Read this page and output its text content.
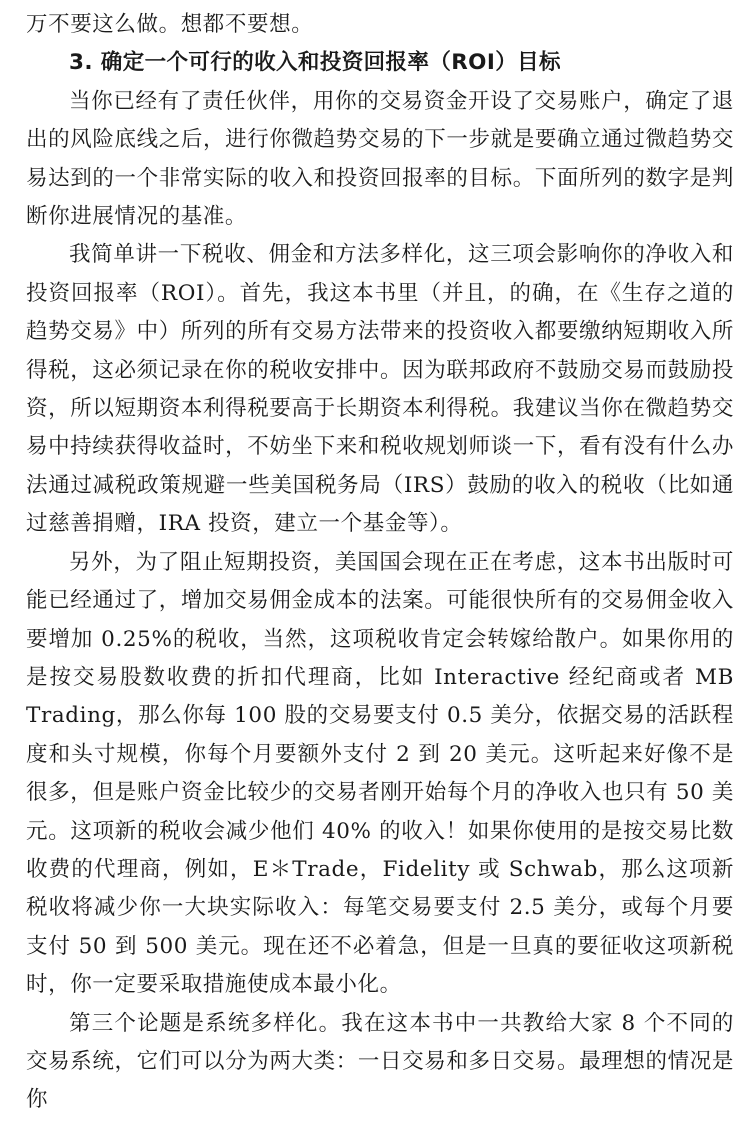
万不要这么做。想都不要想。

3. 确定一个可行的收入和投资回报率（ROI）目标

当你已经有了责任伙伴，用你的交易资金开设了交易账户，确定了退出的风险底线之后，进行你微趋势交易的下一步就是要确立通过微趋势交易达到的一个非常实际的收入和投资回报率的目标。下面所列的数字是判断你进展情况的基准。

我简单讲一下税收、佣金和方法多样化，这三项会影响你的净收入和投资回报率（ROI）。首先，我这本书里（并且，的确，在《生存之道的趋势交易》中）所列的所有交易方法带来的投资收入都要缴纳短期收入所得税，这必须记录在你的税收安排中。因为联邦政府不鼓励交易而鼓励投资，所以短期资本利得税要高于长期资本利得税。我建议当你在微趋势交易中持续获得收益时，不妨坐下来和税收规划师谈一下，看有没有什么办法通过减税政策规避一些美国税务局（IRS）鼓励的收入的税收（比如通过慈善捐赠，IRA 投资，建立一个基金等）。

另外，为了阻止短期投资，美国国会现在正在考虑，这本书出版时可能已经通过了，增加交易佣金成本的法案。可能很快所有的交易佣金收入要增加 0.25%的税收，当然，这项税收肯定会转嫁给散户。如果你用的是按交易股数收费的折扣代理商，比如 Interactive 经纪商或者 MB Trading，那么你每 100 股的交易要支付 0.5 美分，依据交易的活跃程度和头寸规模，你每个月要额外支付 2 到 20 美元。这听起来好像不是很多，但是账户资金比较少的交易者刚开始每个月的净收入也只有 50 美元。这项新的税收会减少他们 40% 的收入！如果你使用的是按交易比数收费的代理商，例如，E＊Trade，Fidelity 或 Schwab，那么这项新税收将减少你一大块实际收入：每笔交易要支付 2.5 美分，或每个月要支付 50 到 500 美元。现在还不必着急，但是一旦真的要征收这项新税时，你一定要采取措施使成本最小化。

第三个论题是系统多样化。我在这本书中一共教给大家 8 个不同的交易系统，它们可以分为两大类：一日交易和多日交易。最理想的情况是你
